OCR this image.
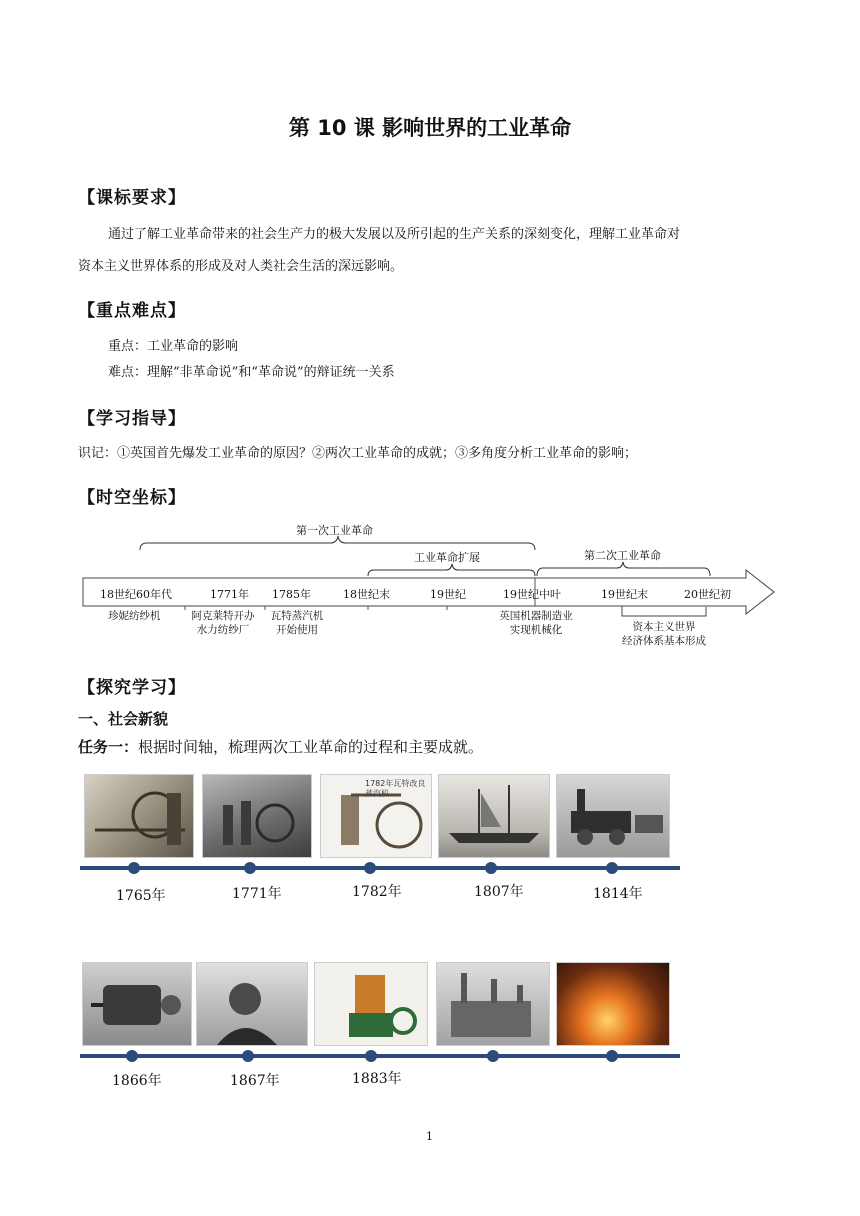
第 10 课 影响世界的工业革命
【课标要求】
通过了解工业革命带来的社会生产力的极大发展以及所引起的生产关系的深刻变化，理解工业革命对
资本主义世界体系的形成及对人类社会生活的深远影响。
【重点难点】
重点：工业革命的影响
难点：理解“非革命说”和“革命说”的辩证统一关系
【学习指导】
识记：①英国首先爆发工业革命的原因？②两次工业革命的成就；③多角度分析工业革命的影响；
【时空坐标】
第一次工业革命
工业革命扩展	第二次工业革命
18世纪60年代	1771年 1785年	18世纪末	19世纪	19世纪中叶	19世纪末	20世纪初
珍妮纺纱机	阿克莱特开办
水力纺纱厂
瓦特蒸汽机
开始使用
英国机器制造业
实现机械化	资本主义世界
经济体系基本形成
【探究学习】
一、社会新貌
任务一：根据时间轴，梳理两次工业革命的过程和主要成就。
1782年瓦特改良蒸汽机
1765年	1771年	1782年	1807年	1814年
1866年	1867年	1883年
1
